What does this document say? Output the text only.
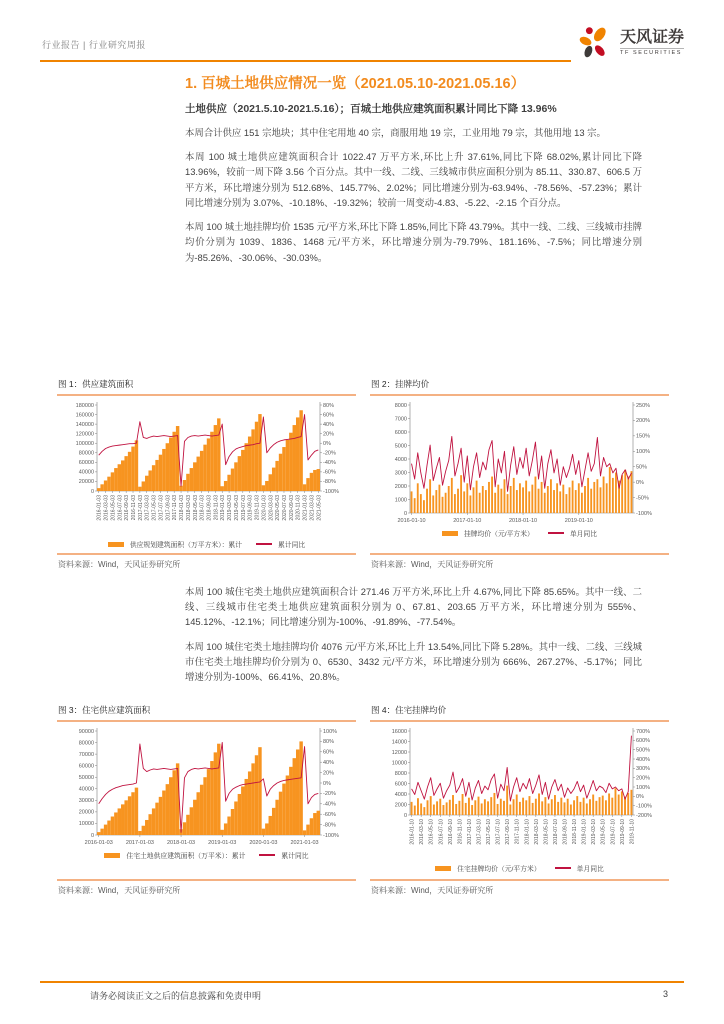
行业报告 | 行业研究周报	天风证券
TF SECURITIES
1. 百城土地供应情况一览（2021.05.10-2021.05.16）
土地供应（2021.5.10-2021.5.16）；百城土地供应建筑面积累计同比下降 13.96%

本周合计供应 151 宗地块；其中住宅用地 40 宗，商服用地 19 宗，工业用地 79 宗，其他用地 13 宗。

本周 100 城土地供应建筑面积合计 1022.47 万平方米,环比上升 37.61%,同比下降 68.02%,累计同比下降 13.96%，较前一周下降 3.56 个百分点。其中一线、二线、三线城市供应面积分别为 85.11、330.87、606.5 万平方米，环比增速分别为 512.68%、145.77%、2.02%；同比增速分别为-63.94%、-78.56%、-57.23%；累计同比增速分别为 3.07%、-10.18%、-19.32%；较前一周变动-4.83、-5.22、-2.15 个百分点。

本周 100 城土地挂牌均价 1535 元/平方米,环比下降 1.85%,同比下降 43.79%。其中一线、二线、三线城市挂牌均价分别为 1039、1836、1468 元/平方米，环比增速分别为-79.79%、181.16%、-7.5%；同比增速分别为-85.26%、-30.06%、-30.03%。

图 1：供应建筑面积
0
20000
40000
60000
80000
100000
120000
140000
160000
180000
-100%
-80%
-60%
-40%
-20%
0%
20%
40%
60%
80%
2016-01-03 2016-03-03 2016-05-03 2016-07-03 2016-09-03 2016-11-03 2017-01-03 2017-03-03 2017-05-03 2017-07-03 2017-09-03 2017-11-03 2018-01-03 2018-03-03 2018-05-03 2018-07-03 2018-09-03 2018-11-03 2019-01-03 2019-03-03 2019-05-03 2019-07-03 2019-09-03 2019-11-03 2020-01-03 2020-03-03 2020-05-03 2020-07-03 2020-09-03 2020-11-03 2021-01-03 2021-03-03 2021-05-03
供应规划建筑面积（万平方米）：累计	累计同比
资料来源：Wind，天风证券研究所
图 2：挂牌均价
0
1000
2000
3000
4000
5000
6000
7000
8000
-100%
-50%
0%
50%
100%
150%
200%
250%
2016-01-10	2017-01-10	2018-01-10	2019-01-10
挂牌均价（元/平方米）	单月同比
资料来源：Wind，天风证券研究所

本周 100 城住宅类土地供应建筑面积合计 271.46 万平方米,环比上升 4.67%,同比下降 85.65%。其中一线、二线、三线城市住宅类土地供应建筑面积分别为 0、67.81、203.65 万平方米，环比增速分别为 555%、145.12%、-12.1%；同比增速分别为-100%、-91.89%、-77.54%。

本周 100 城住宅类土地挂牌均价 4076 元/平方米,环比上升 13.54%,同比下降 5.28%。其中一线、二线、三线城市住宅类土地挂牌均价分别为 0、6530、3432 元/平方米，环比增速分别为 666%、267.27%、-5.17%；同比增速分别为-100%、66.41%、20.8%。

图 3：住宅供应建筑面积
0
10000
20000
30000
40000
50000
60000
70000
80000
90000
-100%
-80%
-60%
-40%
-20%
0%
20%
40%
60%
80%
100%
2016-01-03 2017-01-03 2018-01-03 2019-01-03 2020-01-03 2021-01-03
住宅土地供应建筑面积（万平米）：累计	累计同比
资料来源：Wind，天风证券研究所
图 4：住宅挂牌均价
0
2000
4000
6000
8000
10000
12000
14000
16000
-200%
-100%
0%
100%
200%
300%
400%
500%
600%
700%
2016-01-10 2016-03-10 2016-05-10 2016-07-10 2016-09-10 2016-11-10 2017-01-10 2017-03-10 2017-05-10 2017-07-10 2017-09-10 2017-11-10 2018-01-10 2018-03-10 2018-05-10 2018-07-10 2018-09-10 2018-11-10 2019-01-10 2019-03-10 2019-05-10 2019-07-10 2019-09-10 2019-11-10
住宅挂牌均价（元/平方米）	单月同比
资料来源：Wind，天风证券研究所
请务必阅读正文之后的信息披露和免责申明	3
